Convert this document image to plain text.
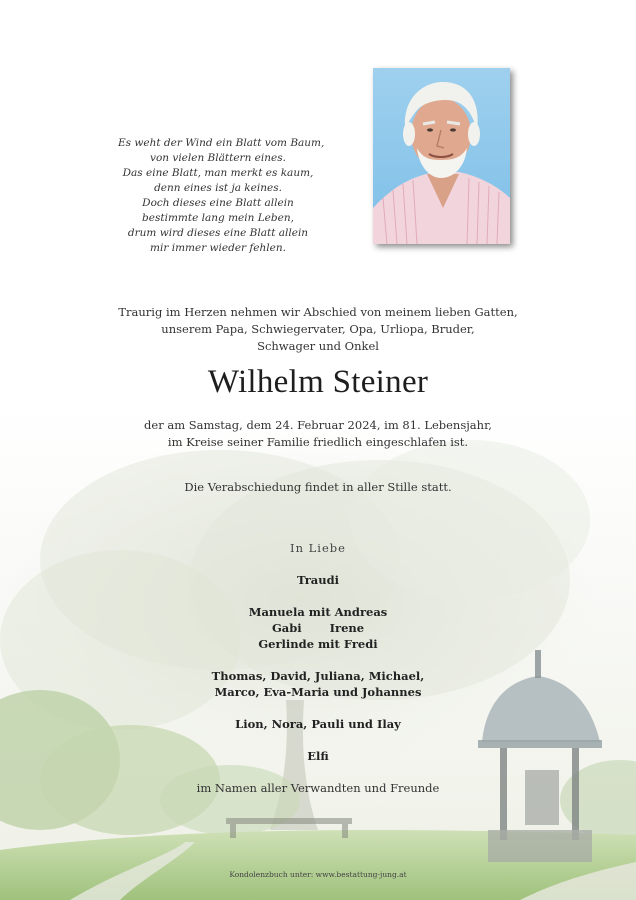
Es weht der Wind ein Blatt vom Baum,
von vielen Blättern eines.
Das eine Blatt, man merkt es kaum,
denn eines ist ja keines.
Doch dieses eine Blatt allein
bestimmte lang mein Leben,
drum wird dieses eine Blatt allein
mir immer wieder fehlen.
Traurig im Herzen nehmen wir Abschied von meinem lieben Gatten,
unserem Papa, Schwiegervater, Opa, Urliopa, Bruder,
Schwager und Onkel
Wilhelm Steiner
der am Samstag, dem 24. Februar 2024, im 81. Lebensjahr,
im Kreise seiner Familie friedlich eingeschlafen ist.
Die Verabschiedung findet in aller Stille statt.
In Liebe
Traudi
Manuela mit Andreas
Gabi Irene
Gerlinde mit Fredi
Thomas, David, Juliana, Michael,
Marco, Eva-Maria und Johannes
Lion, Nora, Pauli und Ilay
Elfi
im Namen aller Verwandten und Freunde
Kondolenzbuch unter: www.bestattung-jung.at
